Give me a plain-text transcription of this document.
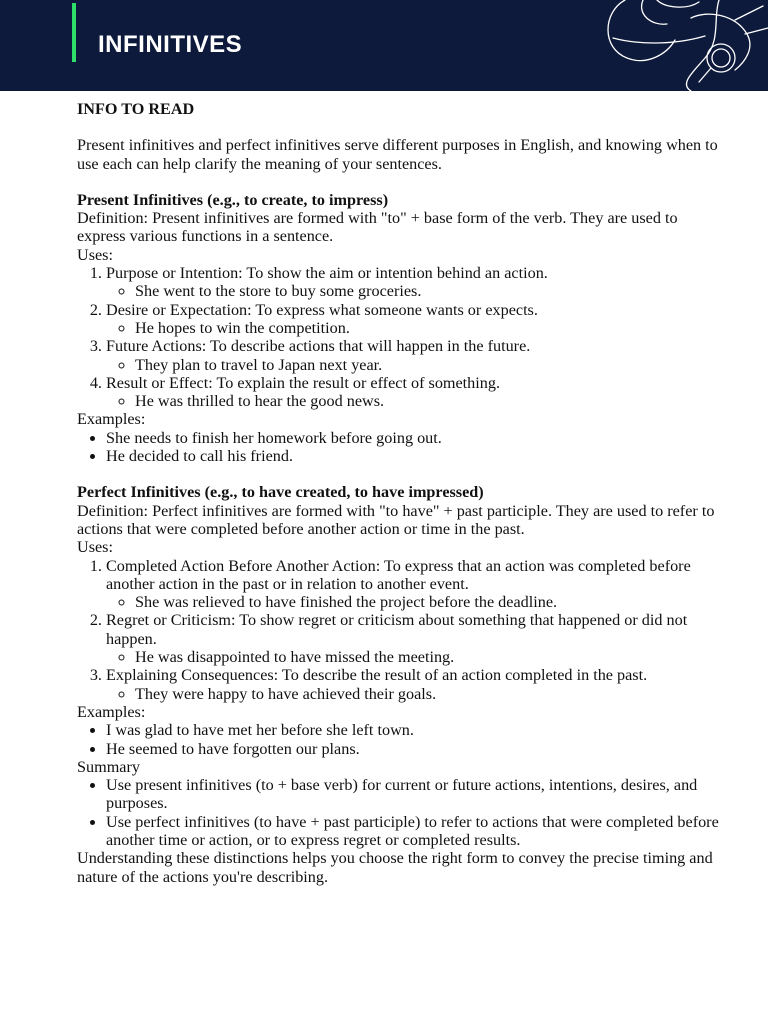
INFINITIVES

INFO TO READ

Present infinitives and perfect infinitives serve different purposes in English, and knowing when to use each can help clarify the meaning of your sentences.

Present Infinitives (e.g., to create, to impress)

Definition: Present infinitives are formed with "to" + base form of the verb. They are used to express various functions in a sentence.

Uses:

1. Purpose or Intention: To show the aim or intention behind an action.
◦ She went to the store to buy some groceries.
2. Desire or Expectation: To express what someone wants or expects.
◦ He hopes to win the competition.
3. Future Actions: To describe actions that will happen in the future.
◦ They plan to travel to Japan next year.
4. Result or Effect: To explain the result or effect of something.
◦ He was thrilled to hear the good news.

Examples:

• She needs to finish her homework before going out.
• He decided to call his friend.

Perfect Infinitives (e.g., to have created, to have impressed)

Definition: Perfect infinitives are formed with "to have" + past participle. They are used to refer to actions that were completed before another action or time in the past.

Uses:

1. Completed Action Before Another Action: To express that an action was completed before another action in the past or in relation to another event.
◦ She was relieved to have finished the project before the deadline.
2. Regret or Criticism: To show regret or criticism about something that happened or did not happen.
◦ He was disappointed to have missed the meeting.
3. Explaining Consequences: To describe the result of an action completed in the past.
◦ They were happy to have achieved their goals.

Examples:

• I was glad to have met her before she left town.
• He seemed to have forgotten our plans.

Summary

• Use present infinitives (to + base verb) for current or future actions, intentions, desires, and purposes.
• Use perfect infinitives (to have + past participle) to refer to actions that were completed before another time or action, or to express regret or completed results.

Understanding these distinctions helps you choose the right form to convey the precise timing and nature of the actions you're describing.
